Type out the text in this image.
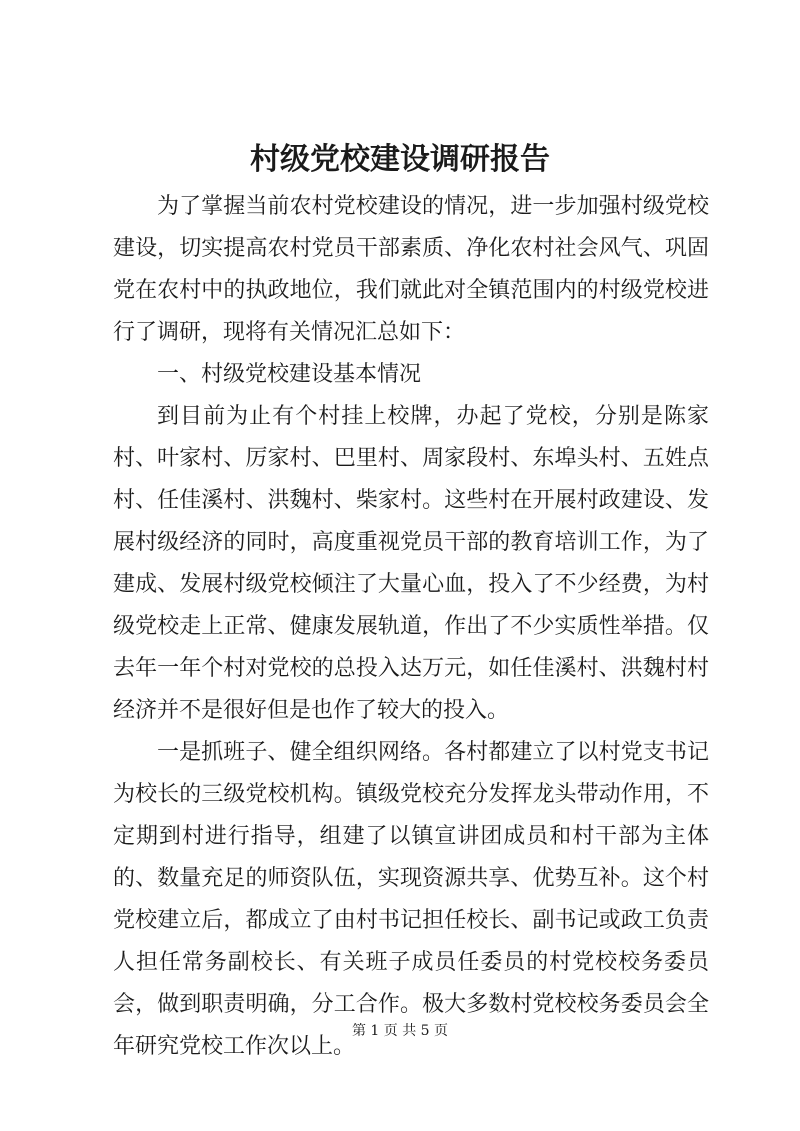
村级党校建设调研报告

为了掌握当前农村党校建设的情况，进一步加强村级党校建设，切实提高农村党员干部素质、净化农村社会风气、巩固党在农村中的执政地位，我们就此对全镇范围内的村级党校进行了调研，现将有关情况汇总如下：

一、村级党校建设基本情况

到目前为止有个村挂上校牌，办起了党校，分别是陈家村、叶家村、厉家村、巴里村、周家段村、东埠头村、五姓点村、任佳溪村、洪魏村、柴家村。这些村在开展村政建设、发展村级经济的同时，高度重视党员干部的教育培训工作，为了建成、发展村级党校倾注了大量心血，投入了不少经费，为村级党校走上正常、健康发展轨道，作出了不少实质性举措。仅去年一年个村对党校的总投入达万元，如任佳溪村、洪魏村村经济并不是很好但是也作了较大的投入。

一是抓班子、健全组织网络。各村都建立了以村党支书记为校长的三级党校机构。镇级党校充分发挥龙头带动作用，不定期到村进行指导，组建了以镇宣讲团成员和村干部为主体的、数量充足的师资队伍，实现资源共享、优势互补。这个村党校建立后，都成立了由村书记担任校长、副书记或政工负责人担任常务副校长、有关班子成员任委员的村党校校务委员会，做到职责明确，分工合作。极大多数村党校校务委员会全年研究党校工作次以上。

第 1 页 共 5 页
